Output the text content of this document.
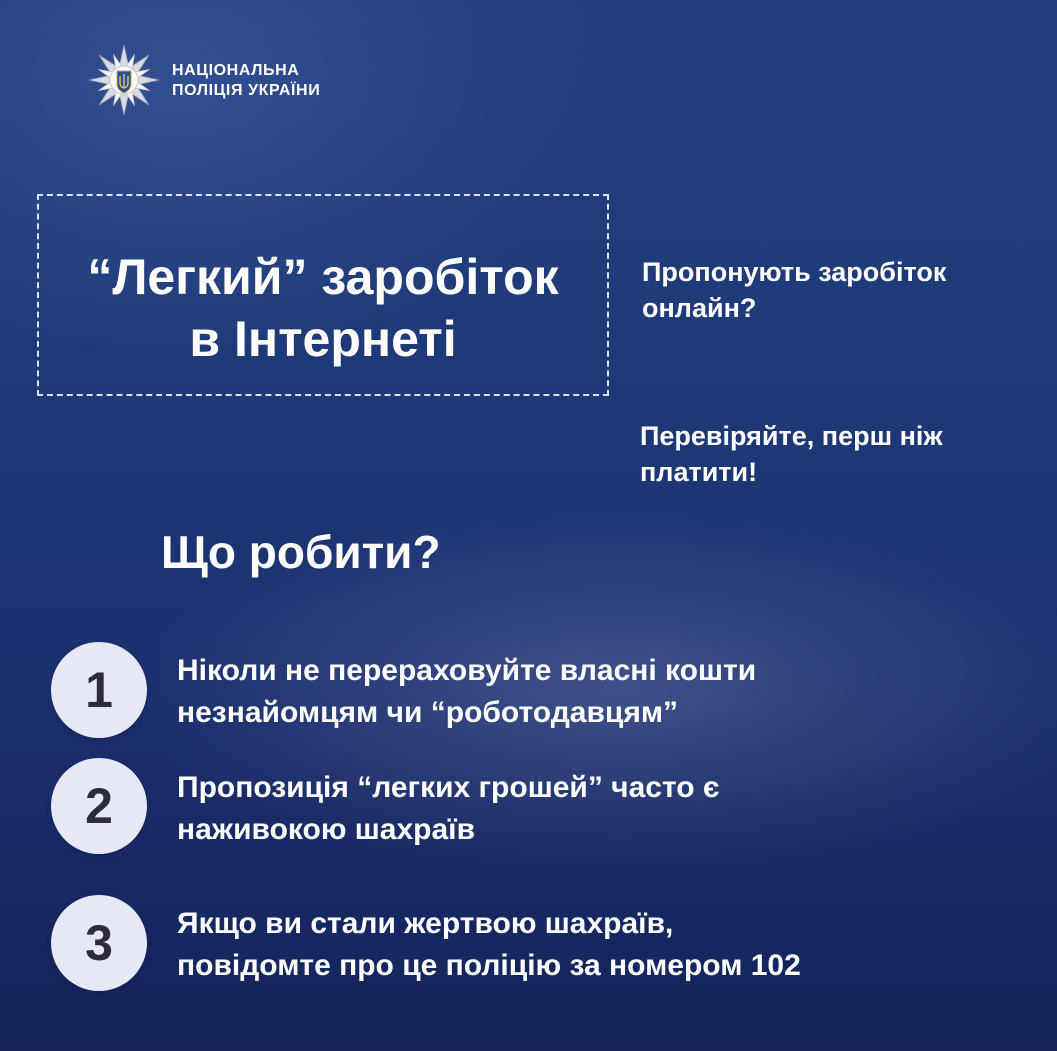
НАЦІОНАЛЬНА
ПОЛІЦІЯ УКРАЇНИ
“Легкий” заробіток
в Інтернеті
Пропонують заробіток
онлайн?
Перевіряйте, перш ніж
платити!
Що робити?
1	Ніколи не перераховуйте власні кошти
незнайомцям чи “роботодавцям”
2	Пропозиція “легких грошей” часто є
наживокою шахраїв
3	Якщо ви стали жертвою шахраїв,
повідомте про це поліцію за номером 102
